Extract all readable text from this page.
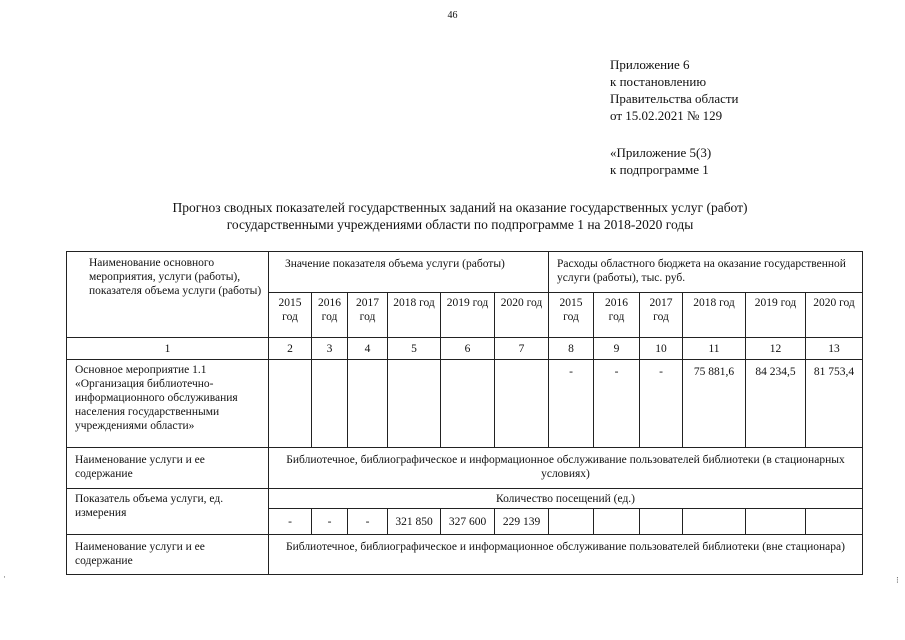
46
Приложение 6
к постановлению
Правительства области
от 15.02.2021 № 129
«Приложение 5(3)
к подпрограмме 1
Прогноз сводных показателей государственных заданий на оказание государственных услуг (работ)
государственными учреждениями области по подпрограмме 1 на 2018-2020 годы
Наименование основного мероприятия, услуги (работы), показателя объема услуги (работы)	Значение показателя объема услуги (работы)						Расходы областного бюджета на оказание государственной услуги (работы), тыс. руб.					
	2015 год	2016 год	2017 год	2018 год	2019 год	2020 год	2015 год	2016 год	2017 год	2018 год	2019 год	2020 год
1	2	3	4	5	6	7	8	9	10	11	12	13
Основное мероприятие 1.1 «Организация библиотечно-информационного обслуживания населения государственными учреждениями области»							-	-	-	75 881,6	84 234,5	81 753,4
Наименование услуги и ее содержание	Библиотечное, библиографическое и информационное обслуживание пользователей библиотеки (в стационарных условиях)											
Показатель объема услуги, ед. измерения	Количество посещений (ед.)											
	-	-	-	321 850	327 600	229 139						
Наименование услуги и ее содержание	Библиотечное, библиографическое и информационное обслуживание пользователей библиотеки (вне стационара)											
·	⁝
